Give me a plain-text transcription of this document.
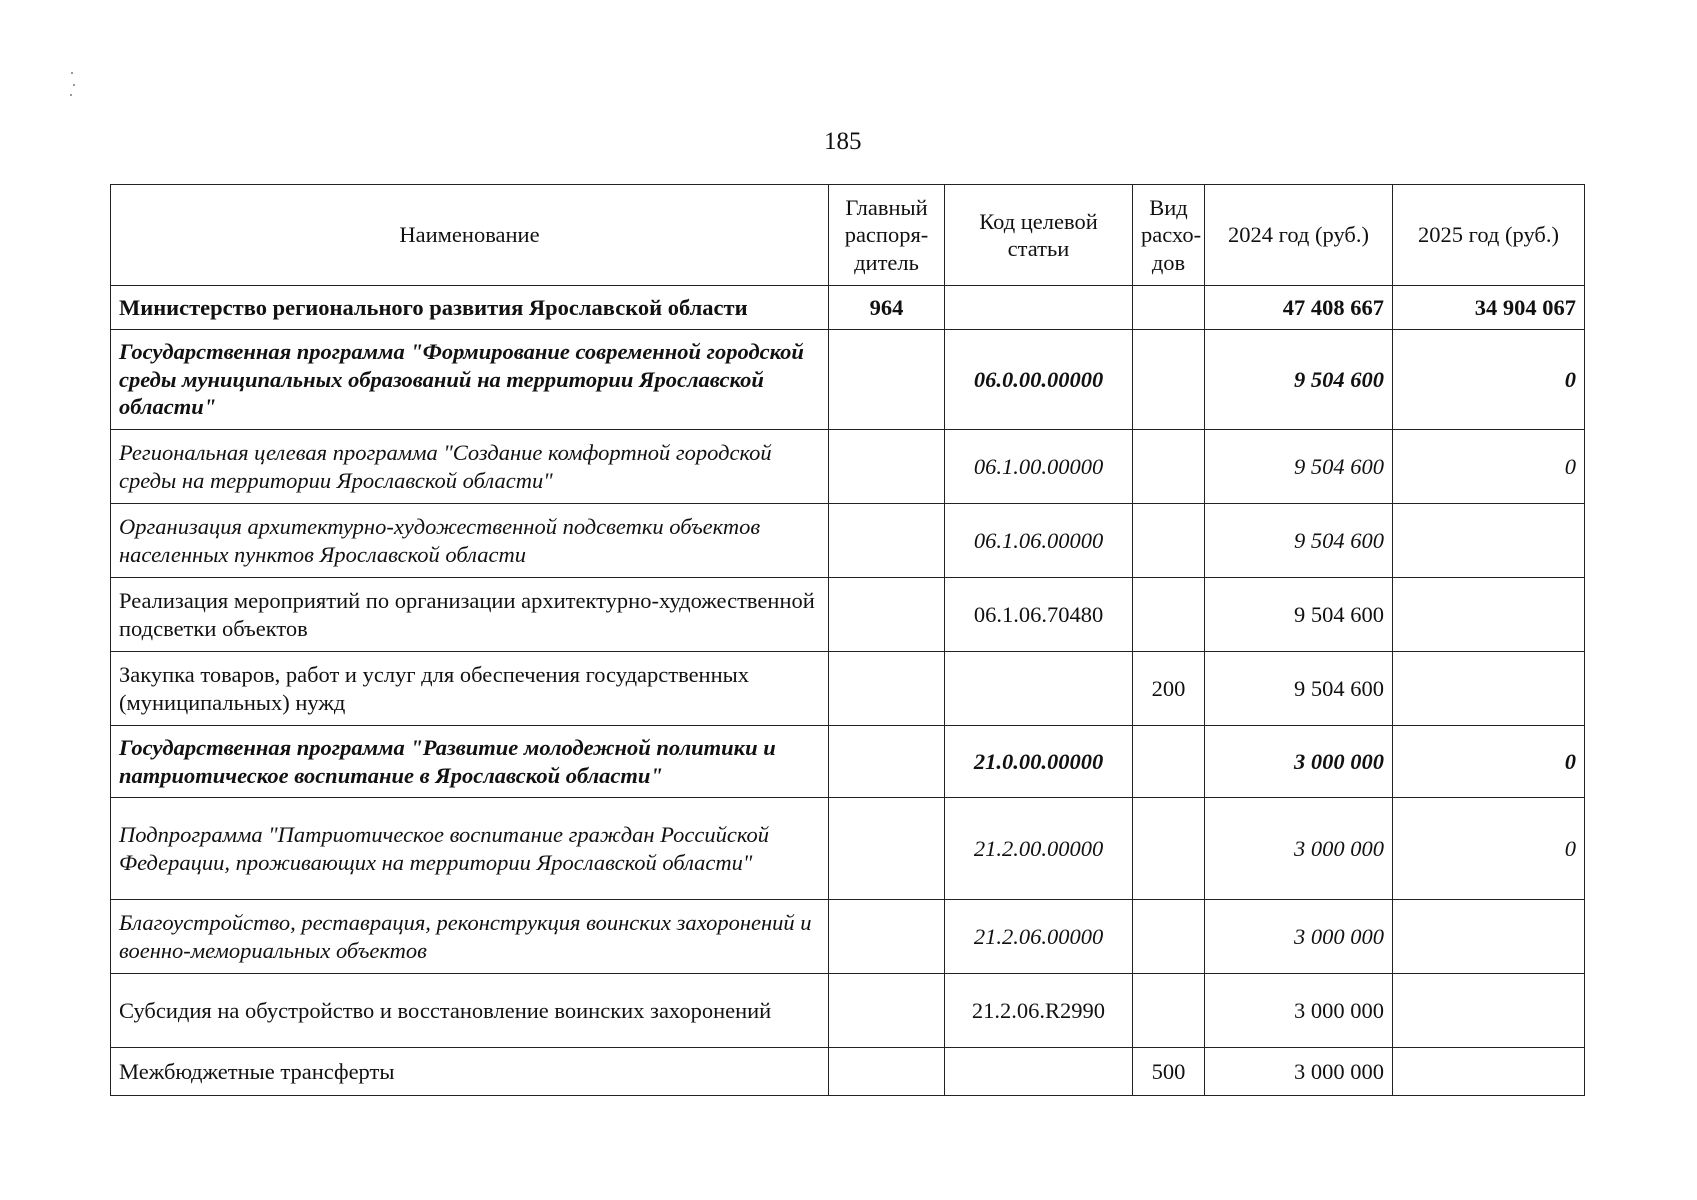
185
Наименование	Главный распоря-дитель	Код целевой статьи	Вид расхо-дов	2024 год (руб.)	2025 год (руб.)
Министерство регионального развития Ярославской области	964			47 408 667	34 904 067
Государственная программа "Формирование современной городской среды муниципальных образований на территории Ярославской области"		06.0.00.00000		9 504 600	0
Региональная целевая программа "Создание комфортной городской среды на территории Ярославской области"		06.1.00.00000		9 504 600	0
Организация архитектурно-художественной подсветки объектов населенных пунктов Ярославской области		06.1.06.00000		9 504 600	
Реализация мероприятий по организации архитектурно-художественной подсветки объектов		06.1.06.70480		9 504 600	
Закупка товаров, работ и услуг для обеспечения государственных (муниципальных) нужд			200	9 504 600	
Государственная программа "Развитие молодежной политики и патриотическое воспитание в Ярославской области"		21.0.00.00000		3 000 000	0
Подпрограмма "Патриотическое воспитание граждан Российской Федерации, проживающих на территории Ярославской области"		21.2.00.00000		3 000 000	0
Благоустройство, реставрация, реконструкция воинских захоронений и военно-мемориальных объектов		21.2.06.00000		3 000 000	
Субсидия на обустройство и восстановление воинских захоронений		21.2.06.R2990		3 000 000	
Межбюджетные трансферты			500	3 000 000	
